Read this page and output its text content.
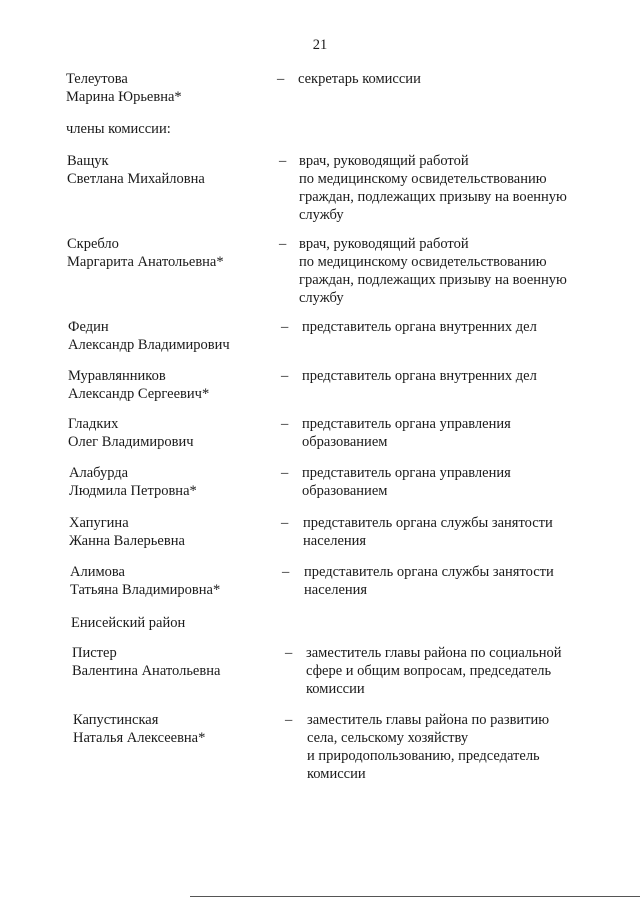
21
Телеутова
Марина Юрьевна*
– секретарь комиссии
члены комиссии:
Ващук
Светлана Михайловна
– врач, руководящий работой
по медицинскому освидетельствованию
граждан, подлежащих призыву на военную
службу
Скребло
Маргарита Анатольевна*
– врач, руководящий работой
по медицинскому освидетельствованию
граждан, подлежащих призыву на военную
службу
Федин
Александр Владимирович
– представитель органа внутренних дел
Муравлянников
Александр Сергеевич*
– представитель органа внутренних дел
Гладких
Олег Владимирович
– представитель органа управления
образованием
Алабурда
Людмила Петровна*
– представитель органа управления
образованием
Хапугина
Жанна Валерьевна
– представитель органа службы занятости
населения
Алимова
Татьяна Владимировна*
– представитель органа службы занятости
населения
Енисейский район
Пистер
Валентина Анатольевна
– заместитель главы района по социальной
сфере и общим вопросам, председатель
комиссии
Капустинская
Наталья Алексеевна*
– заместитель главы района по развитию
села, сельскому хозяйству
и природопользованию, председатель
комиссии
